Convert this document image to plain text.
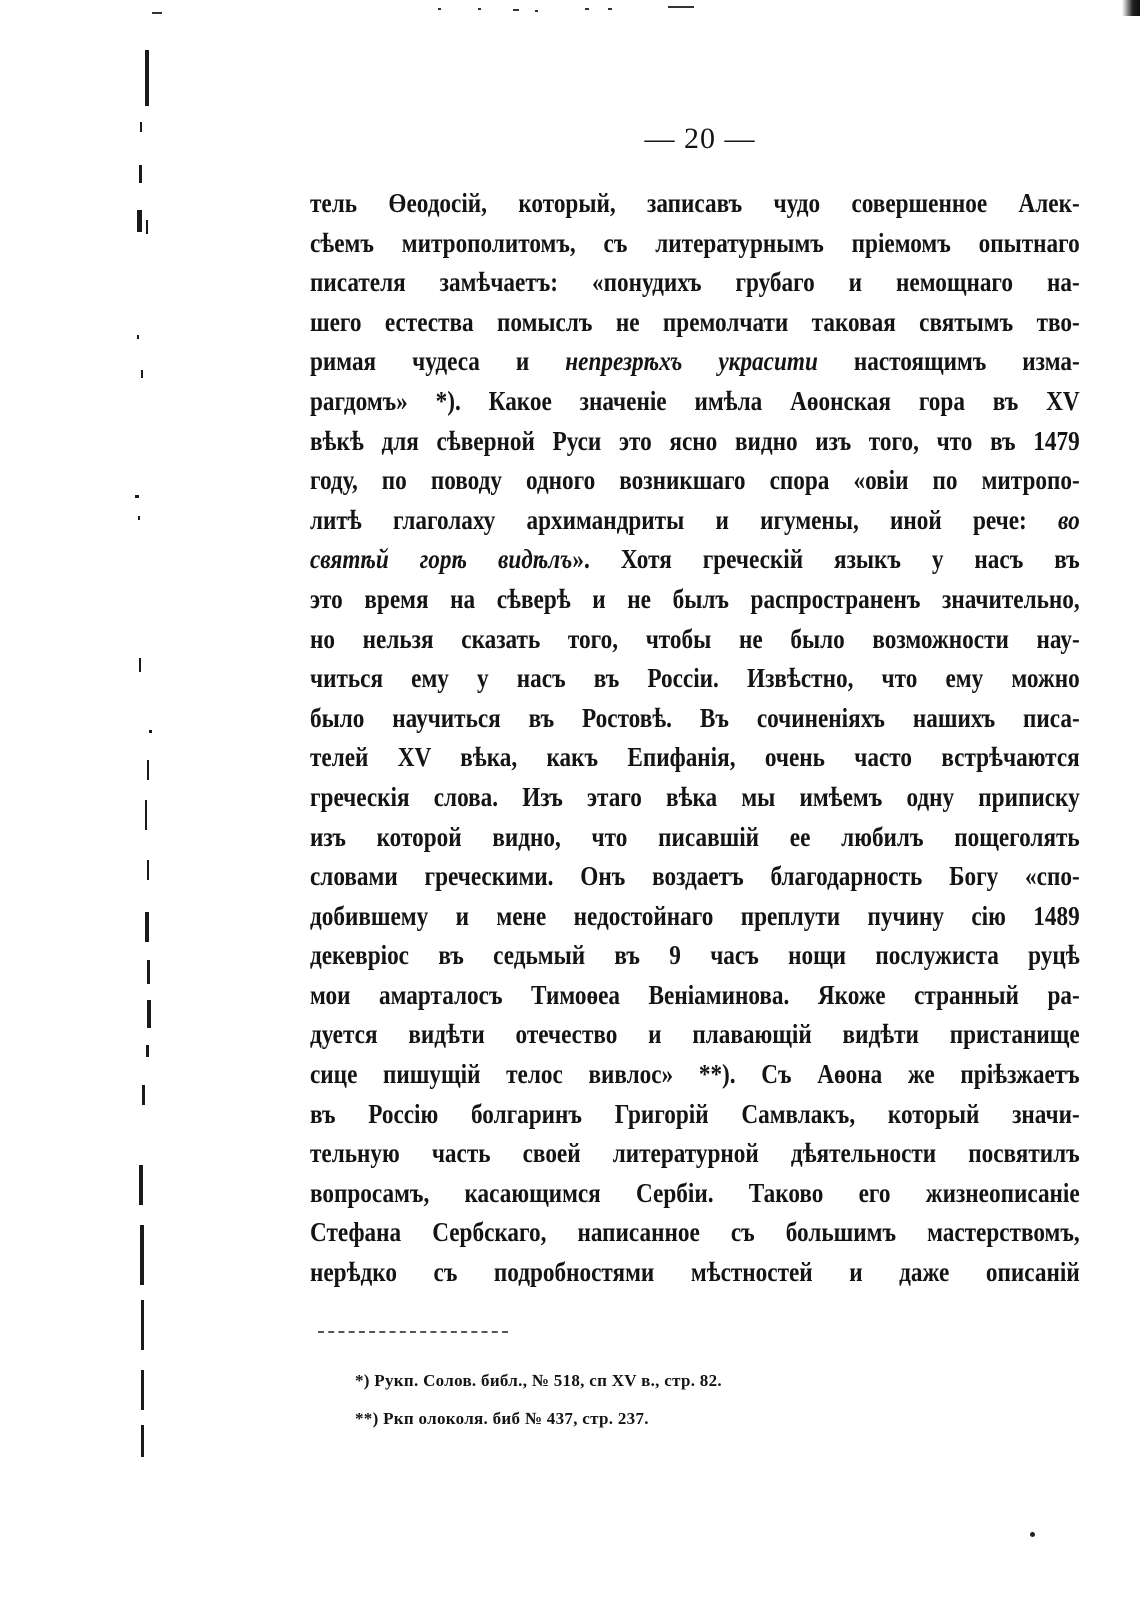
— 20 —
тель Өеодосій, который, записавъ чудо совершенное Алек-
сѣемъ митрополитомъ, съ литературнымъ пріемомъ опытнаго
писателя замѣчаетъ: «понудихъ грубаго и немощнаго на-
шего естества помыслъ не премолчати таковая святымъ тво-
римая чудеса и непрезрѣхъ украсити настоящимъ изма-
рагдомъ» *). Какое значеніе имѣла Аөонская гора въ XV
вѣкѣ для сѣверной Руси это ясно видно изъ того, что въ 1479
году, по поводу одного возникшаго спора «овіи по митропо-
литѣ глаголаху архимандриты и игумены, иной рече: во
святѣй горѣ видѣлъ». Хотя греческій языкъ у насъ въ
это время на сѣверѣ и не былъ распространенъ значительно,
но нельзя сказать того, чтобы не было возможности нау-
читься ему у насъ въ Россіи. Извѣстно, что ему можно
было научиться въ Ростовѣ. Въ сочиненіяхъ нашихъ писа-
телей XV вѣка, какъ Епифанія, очень часто встрѣчаются
греческія слова. Изъ этаго вѣка мы имѣемъ одну приписку
изъ которой видно, что писавшій ее любилъ пощеголять
словами греческими. Онъ воздаетъ благодарность Богу «спо-
добившему и мене недостойнаго преплути пучину сію 1489
декевріос въ седьмый въ 9 часъ нощи послужиста руцѣ
мои амарталосъ Тимоөеа Веніаминова. Якоже странный ра-
дуется видѣти отечество и плавающій видѣти пристанище
сице пишущій телос вивлос» **). Съ Аөона же пріѣзжаетъ
въ Россію болгаринъ Григорій Самвлакъ, который значи-
тельную часть своей литературной дѣятельности посвятилъ
вопросамъ, касающимся Сербіи. Таково его жизнеописаніе
Стефана Сербскаго, написанное съ большимъ мастерствомъ,
нерѣдко съ подробностями мѣстностей и даже описаній
*) Рукп. Солов. библ., № 518, сп XV в., стр. 82.
**) Ркп олоколя. биб № 437, стр. 237.
